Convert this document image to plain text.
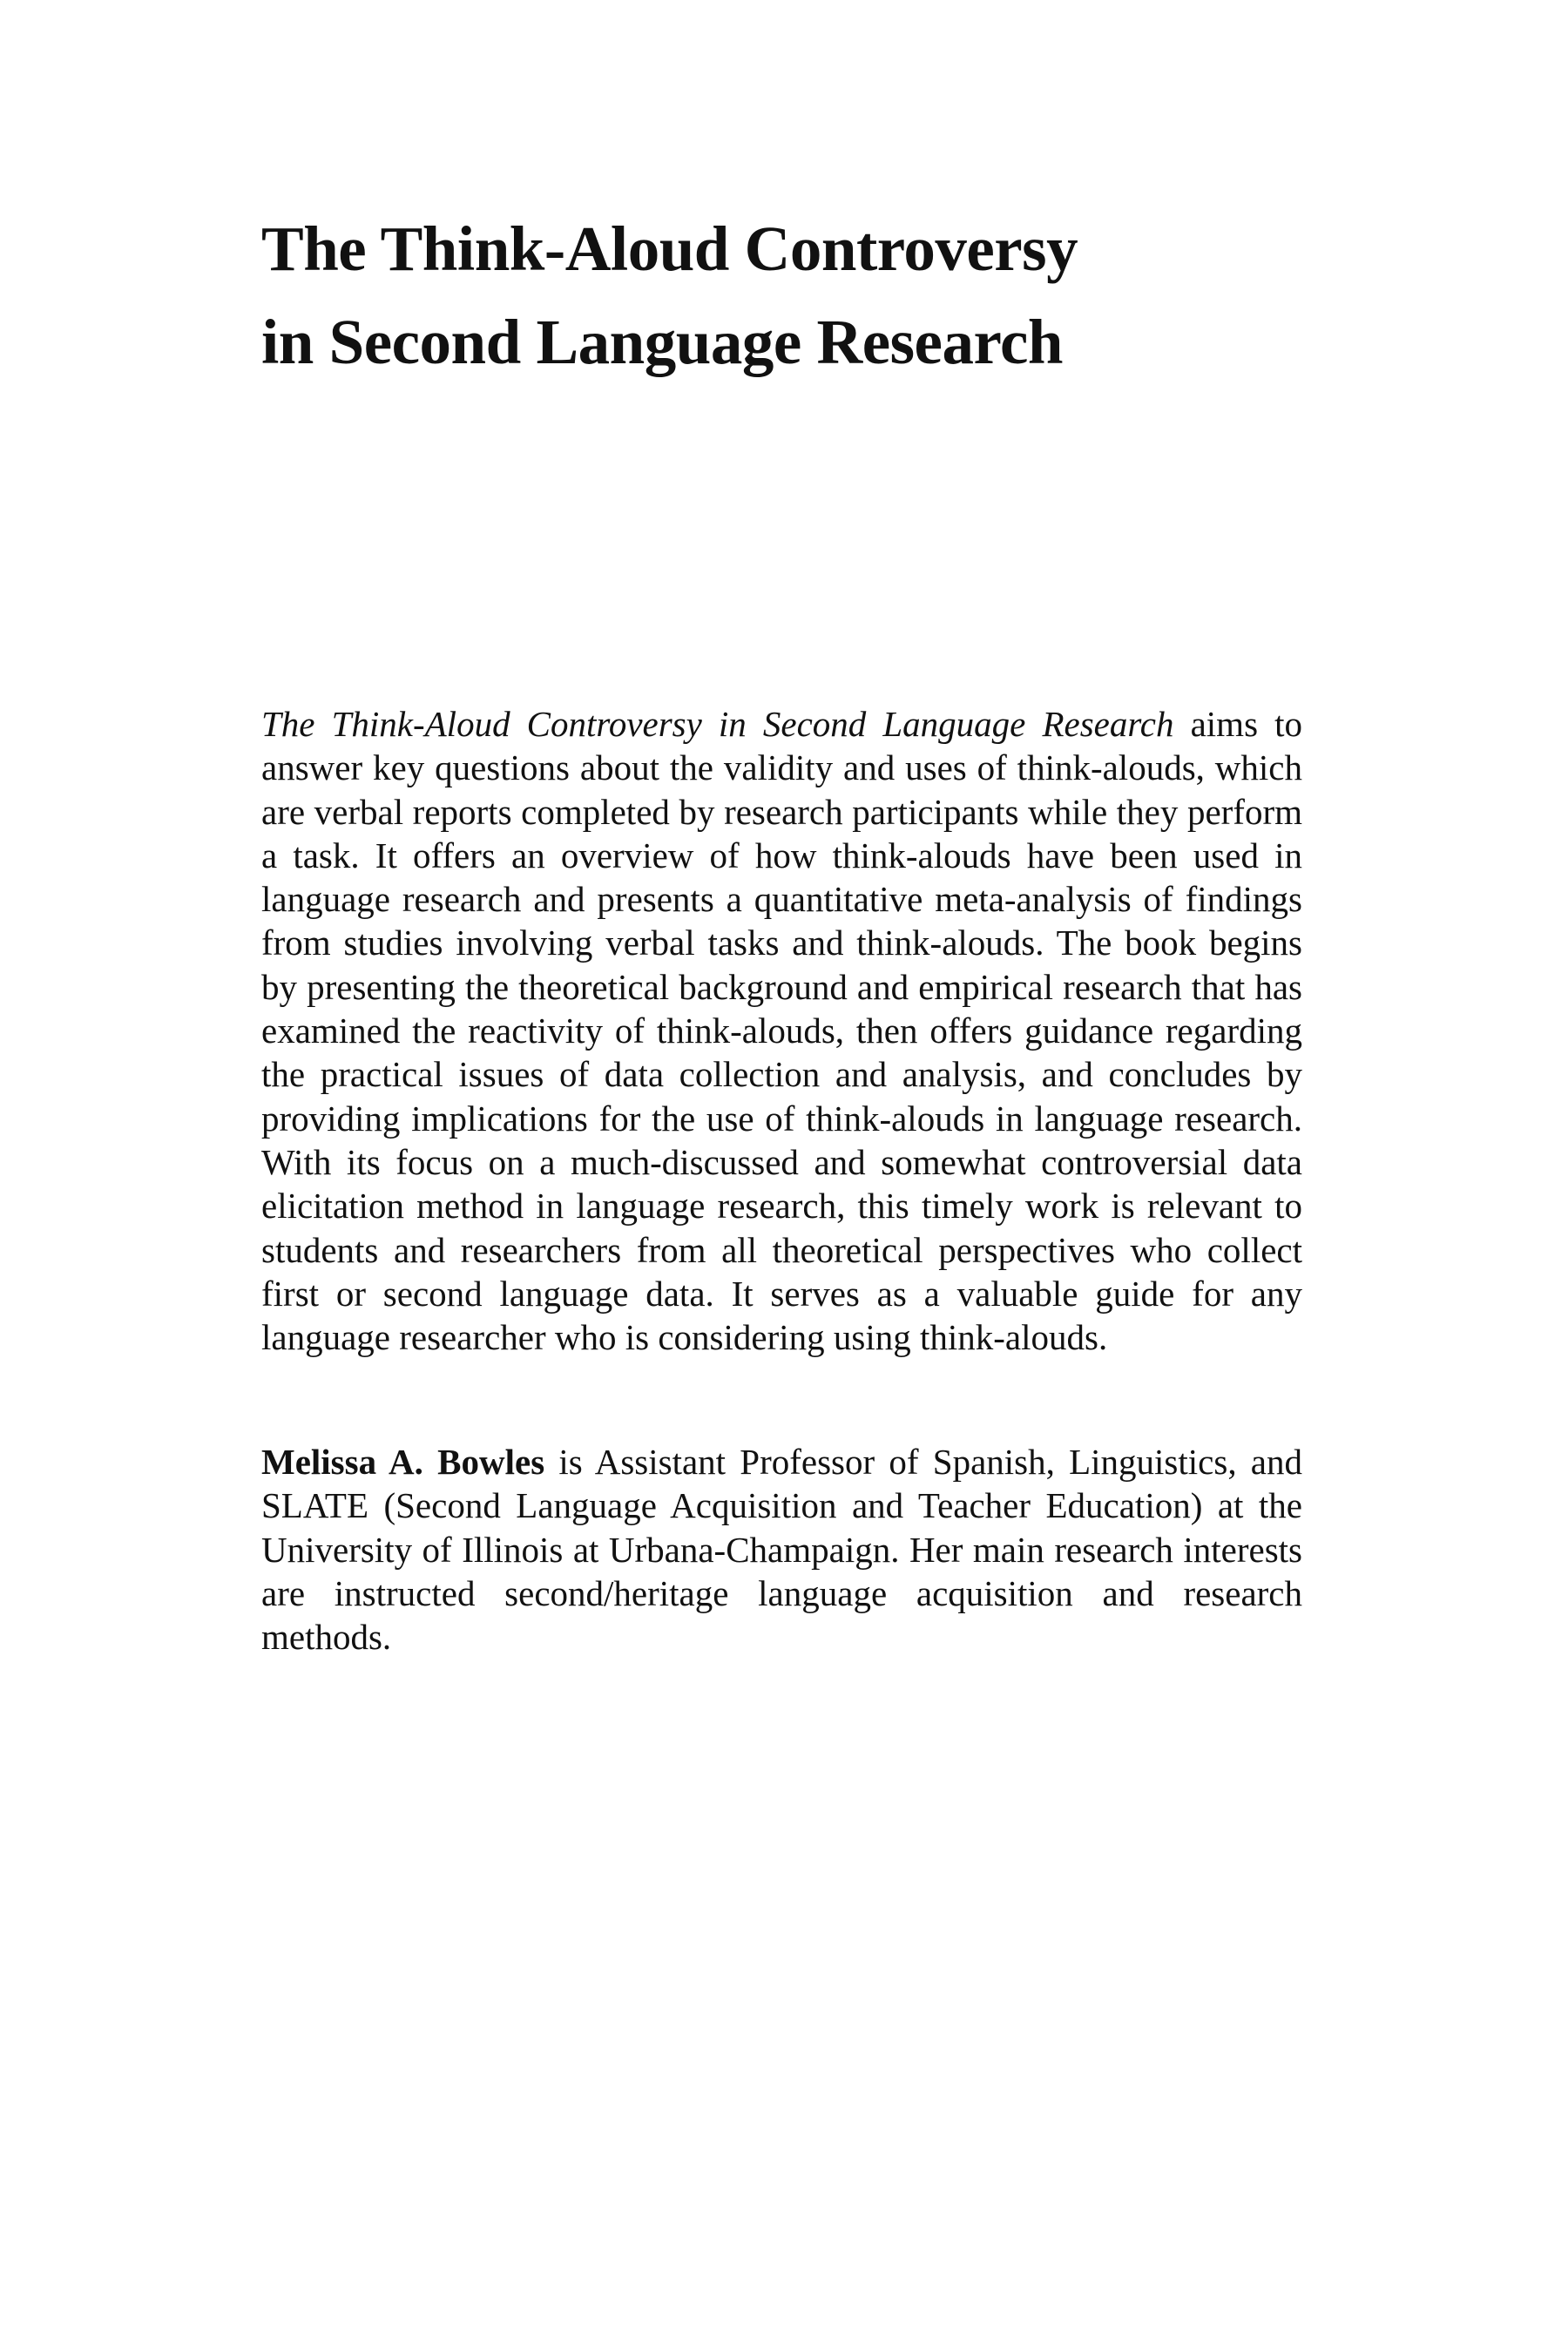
The Think-Aloud Controversy
in Second Language Research

The Think-Aloud Controversy in Second Language Research aims to answer key questions about the validity and uses of think-alouds, which are verbal reports completed by research participants while they perform a task. It offers an overview of how think-alouds have been used in language research and presents a quantitative meta-analysis of findings from studies involving verbal tasks and think-alouds. The book begins by presenting the theoretical background and empirical research that has examined the reactivity of think-alouds, then offers guidance regarding the practical issues of data collection and analysis, and concludes by providing implications for the use of think-alouds in language research. With its focus on a much-discussed and somewhat controversial data elicitation method in language research, this timely work is relevant to students and researchers from all theoretical perspectives who collect first or second language data. It serves as a valuable guide for any language researcher who is considering using think-alouds.

Melissa A. Bowles is Assistant Professor of Spanish, Linguistics, and SLATE (Second Language Acquisition and Teacher Education) at the University of Illinois at Urbana-Champaign. Her main research interests are instructed second/heritage language acquisition and research methods.
